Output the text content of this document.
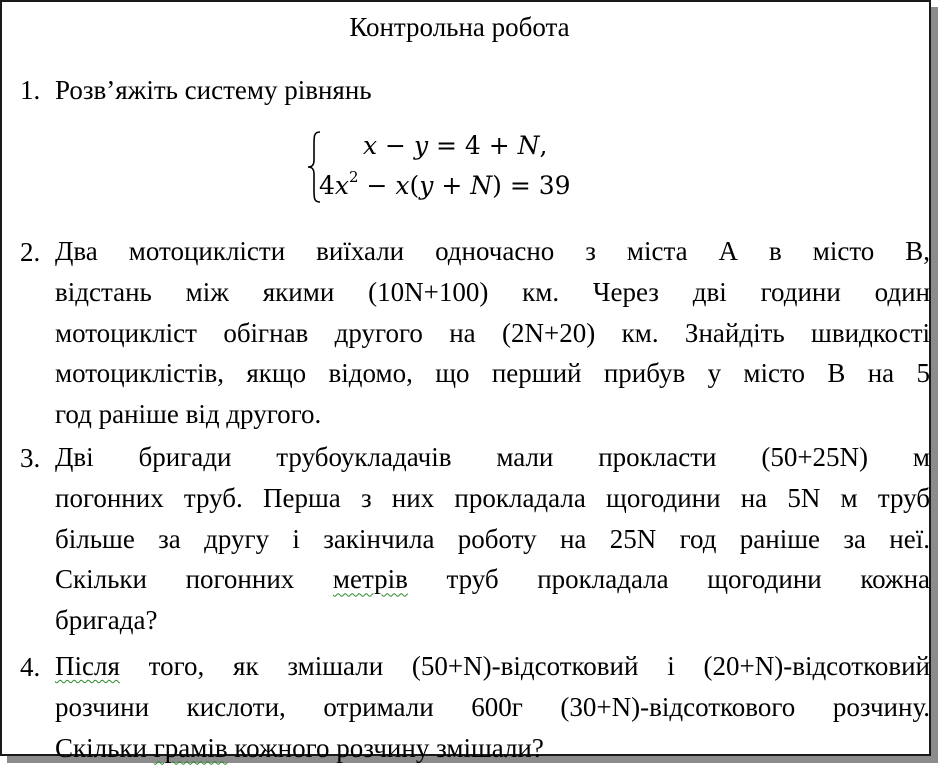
Контрольна робота
1. Розв’яжіть систему рівнянь
x − y = 4 + N,
$4x^2 - x(y + N) = 39$
2. Два мотоциклісти виїхали одночасно з міста А в місто В,
відстань між якими (10N+100) км. Через дві години один
мотоцикліст обігнав другого на (2N+20) км. Знайдіть швидкості
мотоциклістів, якщо відомо, що перший прибув у місто В на 5
год раніше від другого.
3. Дві бригади трубоукладачів мали прокласти (50+25N) м
погонних труб. Перша з них прокладала щогодини на 5N м труб
більше за другу і закінчила роботу на 25N год раніше за неї.
Скільки погонних метрів труб прокладала щогодини кожна
бригада?
4. Після того, як змішали (50+N)-відсотковий і (20+N)-відсотковий
розчини кислоти, отримали 600г (30+N)-відсоткового розчину.
Скільки грамів кожного розчину змішали?
